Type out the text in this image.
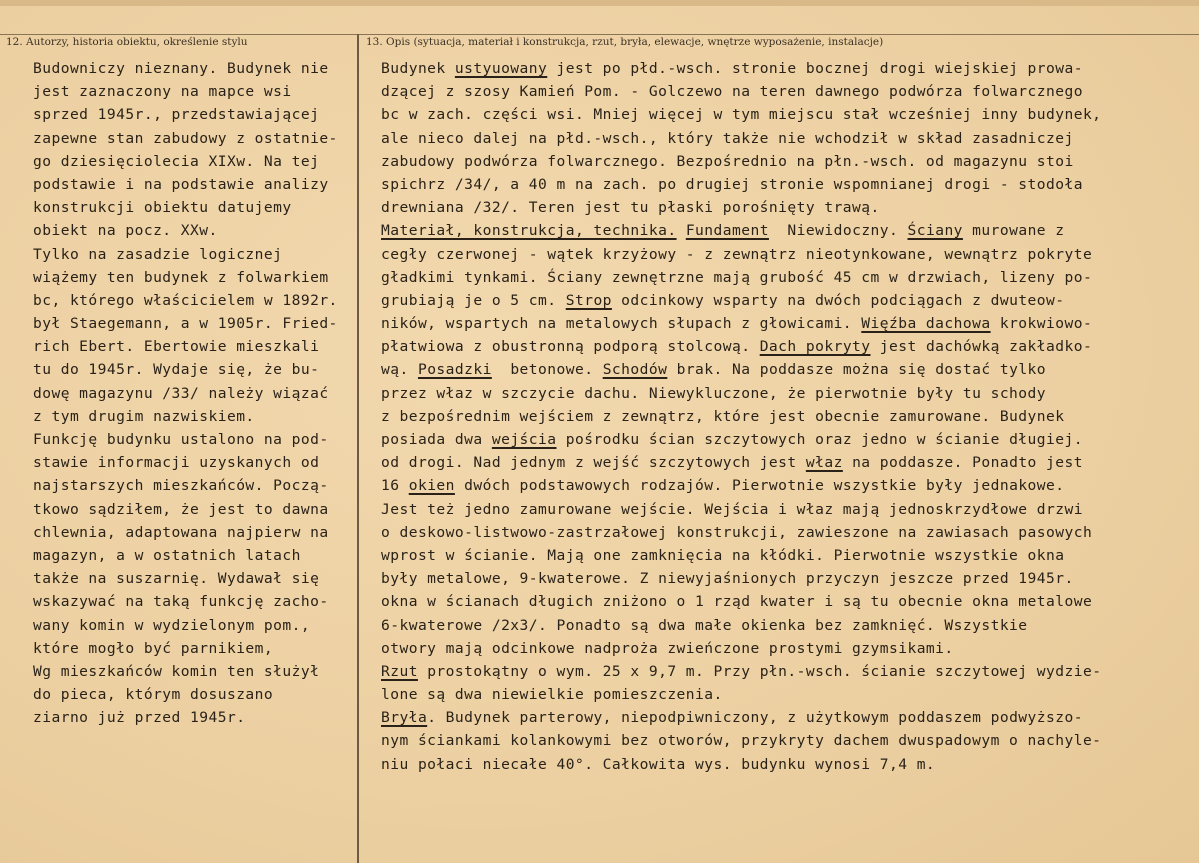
12. Autorzy, historia obiektu, określenie stylu	13. Opis (sytuacja, materiał i konstrukcja, rzut, bryła, elewacje, wnętrze wyposażenie, instalacje)
Budowniczy nieznany. Budynek nie
jest zaznaczony na mapce wsi
sprzed 1945r., przedstawiającej
zapewne stan zabudowy z ostatnie-
go dziesięciolecia XIXw. Na tej
podstawie i na podstawie analizy
konstrukcji obiektu datujemy
obiekt na pocz. XXw.
Tylko na zasadzie logicznej
wiążemy ten budynek z folwarkiem
bc, którego właścicielem w 1892r.
był Staegemann, a w 1905r. Fried-
rich Ebert. Ebertowie mieszkali
tu do 1945r. Wydaje się, że bu-
dowę magazynu /33/ należy wiązać
z tym drugim nazwiskiem.
Funkcję budynku ustalono na pod-
stawie informacji uzyskanych od
najstarszych mieszkańców. Począ-
tkowo sądziłem, że jest to dawna
chlewnia, adaptowana najpierw na
magazyn, a w ostatnich latach
także na suszarnię. Wydawał się
wskazywać na taką funkcję zacho-
wany komin w wydzielonym pom.,
które mogło być parnikiem,
Wg mieszkańców komin ten służył
do pieca, którym dosuszano
ziarno już przed 1945r.
Budynek ustyuowany jest po płd.-wsch. stronie bocznej drogi wiejskiej prowa-
dzącej z szosy Kamień Pom. - Golczewo na teren dawnego podwórza folwarcznego
bc w zach. części wsi. Mniej więcej w tym miejscu stał wcześniej inny budynek,
ale nieco dalej na płd.-wsch., który także nie wchodził w skład zasadniczej
zabudowy podwórza folwarcznego. Bezpośrednio na płn.-wsch. od magazynu stoi
spichrz /34/, a 40 m na zach. po drugiej stronie wspomnianej drogi - stodoła
drewniana /32/. Teren jest tu płaski porośnięty trawą.
Materiał, konstrukcja, technika. Fundament  Niewidoczny. Ściany murowane z
cegły czerwonej - wątek krzyżowy - z zewnątrz nieotynkowane, wewnątrz pokryte
gładkimi tynkami. Ściany zewnętrzne mają grubość 45 cm w drzwiach, lizeny po-
grubiają je o 5 cm. Strop odcinkowy wsparty na dwóch podciągach z dwuteow-
ników, wspartych na metalowych słupach z głowicami. Więźba dachowa krokwiowo-
płatwiowa z obustronną podporą stolcową. Dach pokryty jest dachówką zakładko-
wą. Posadzki  betonowe. Schodów brak. Na poddasze można się dostać tylko
przez właz w szczycie dachu. Niewykluczone, że pierwotnie były tu schody
z bezpośrednim wejściem z zewnątrz, które jest obecnie zamurowane. Budynek
posiada dwa wejścia pośrodku ścian szczytowych oraz jedno w ścianie długiej.
od drogi. Nad jednym z wejść szczytowych jest właz na poddasze. Ponadto jest
16 okien dwóch podstawowych rodzajów. Pierwotnie wszystkie były jednakowe.
Jest też jedno zamurowane wejście. Wejścia i właz mają jednoskrzydłowe drzwi
o deskowo-listwowo-zastrzałowej konstrukcji, zawieszone na zawiasach pasowych
wprost w ścianie. Mają one zamknięcia na kłódki. Pierwotnie wszystkie okna
były metalowe, 9-kwaterowe. Z niewyjaśnionych przyczyn jeszcze przed 1945r.
okna w ścianach długich zniżono o 1 rząd kwater i są tu obecnie okna metalowe
6-kwaterowe /2x3/. Ponadto są dwa małe okienka bez zamknięć. Wszystkie
otwory mają odcinkowe nadproża zwieńczone prostymi gzymsikami.
Rzut prostokątny o wym. 25 x 9,7 m. Przy płn.-wsch. ścianie szczytowej wydzie-
lone są dwa niewielkie pomieszczenia.
Bryła. Budynek parterowy, niepodpiwniczony, z użytkowym poddaszem podwyższo-
nym ściankami kolankowymi bez otworów, przykryty dachem dwuspadowym o nachyle-
niu połaci niecałe 40°. Całkowita wys. budynku wynosi 7,4 m.
